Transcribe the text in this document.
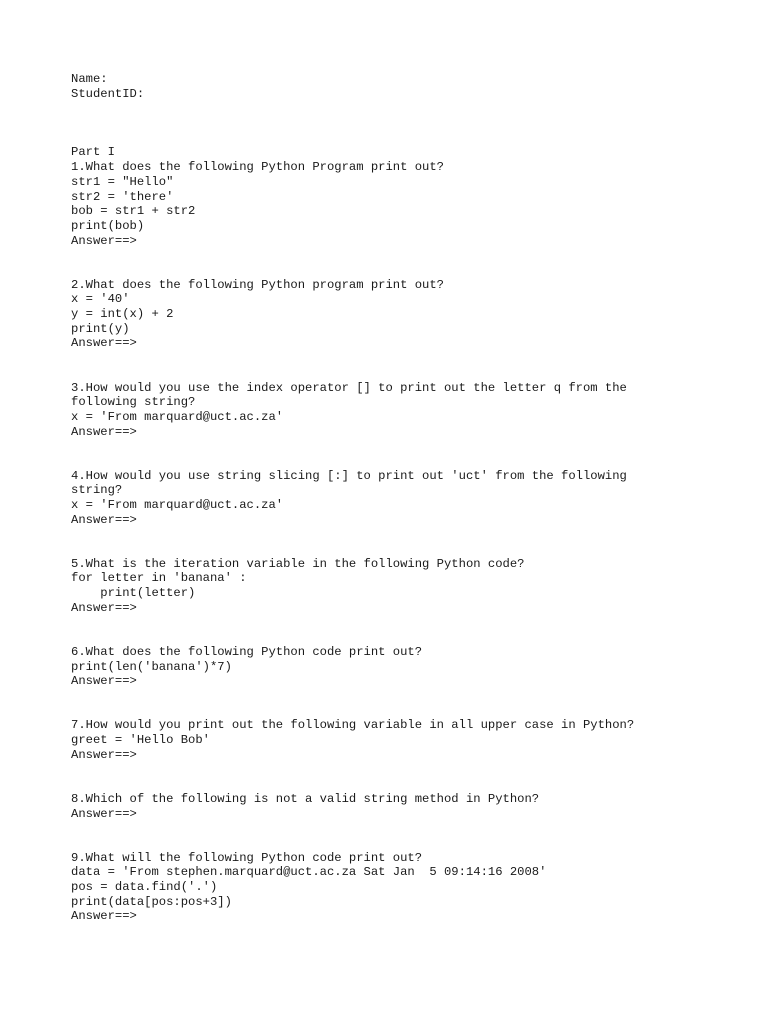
Name:
StudentID:
Part I
1.What does the following Python Program print out?
str1 = "Hello"
str2 = 'there'
bob = str1 + str2
print(bob)
Answer==>
2.What does the following Python program print out?
x = '40'
y = int(x) + 2
print(y)
Answer==>
3.How would you use the index operator [] to print out the letter q from the
following string?
x = 'From marquard@uct.ac.za'
Answer==>
4.How would you use string slicing [:] to print out 'uct' from the following
string?
x = 'From marquard@uct.ac.za'
Answer==>
5.What is the iteration variable in the following Python code?
for letter in 'banana' :
print(letter)
Answer==>
6.What does the following Python code print out?
print(len('banana')*7)
Answer==>
7.How would you print out the following variable in all upper case in Python?
greet = 'Hello Bob'
Answer==>
8.Which of the following is not a valid string method in Python?
Answer==>
9.What will the following Python code print out?
data = 'From stephen.marquard@uct.ac.za Sat Jan  5 09:14:16 2008'
pos = data.find('.')
print(data[pos:pos+3])
Answer==>
